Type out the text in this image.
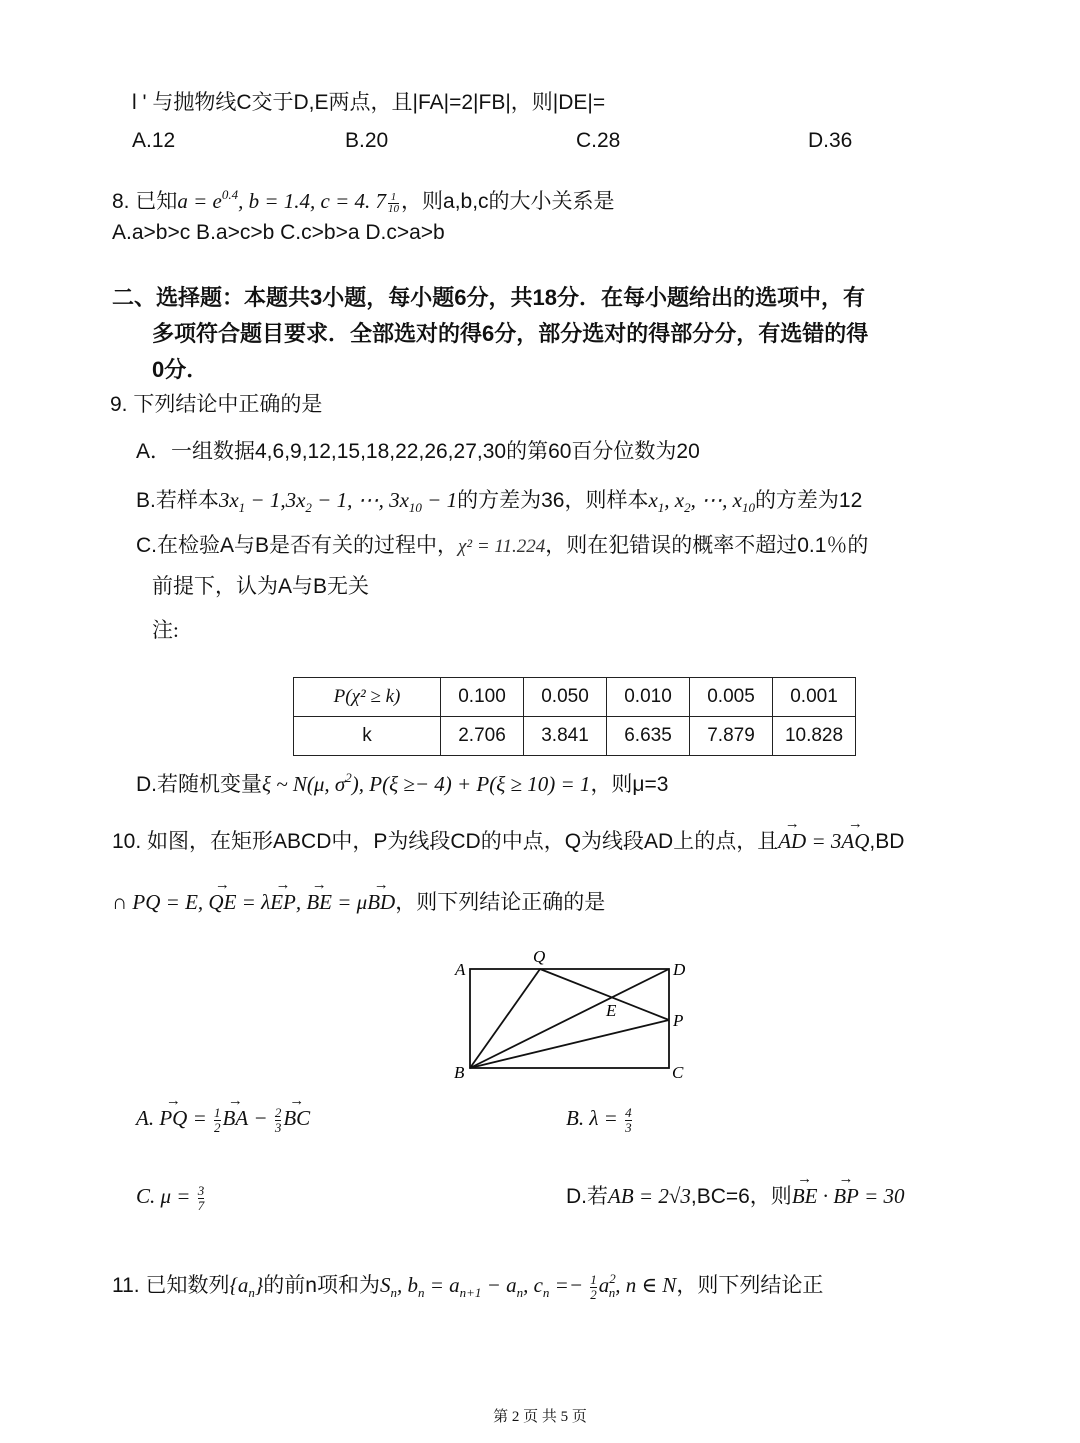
l ' 与抛物线C交于D,E两点，且|FA|=2|FB|，则|DE|=
A.12	B.20	C.28	D.36
8. 已知$a = e^{0.4}$, b = 1.4, c = 4. $7 \frac{1}{10}$ ，则a,b,c的大小关系是
A.a>b>c B.a>c>b C.c>b>a D.c>a>b
二、选择题：本题共3小题，每小题6分，共18分．在每小题给出的选项中，有
多项符合题目要求．全部选对的得6分，部分选对的得部分分，有选错的得
0分．
9. 下列结论中正确的是
A．一组数据4,6,9,12,15,18,22,26,27,30的第60百分位数为20
B.若样本$3x_1 - 1,3x_2 - 1$, ⋯, $3x_{10} - 1$的方差为36，则样本$x_1$, $x_2$, ⋯, $x_{10}$的方差为12
C.在检验A与B是否有关的过程中，χ² = 11.224，则在犯错误的概率不超过0.1％的
前提下，认为A与B无关
注:
P(χ² ≥ k)	0.100	0.050	0.010	0.005	0.001
k	2.706	3.841	6.635	7.879	10.828
D.若随机变量ξ ~ N(μ, $\sigma^2$), P(ξ ≥− 4) + P(ξ ≥ 10) = 1，则μ=3
10. 如图，在矩形ABCD中，P为线段CD的中点，Q为线段AD上的点，且→ AD = 3→ AQ,BD
∩ PQ = E, → QE = λ→ EP, → BE = μ→ BD，则下列结论正确的是
A
Q
D
E
P
B	C
A. → PQ = $\frac{1}{2}$ → BA − $\frac{2}{3}$ → BC	B. $\lambda = \frac{4}{3}$
C. $\mu = \frac{3}{7}$	D.若AB = 2√3,BC=6，则→ BE · → BP = 30
11. 已知数列$\{a_n\}$的前n项和为$S_n$, $b_n = a_{n+1} - a_n$, $c_n =- \frac{1}{2} a^2_n$, n ∈ N，则下列结论正
第 2 页 共 5 页
